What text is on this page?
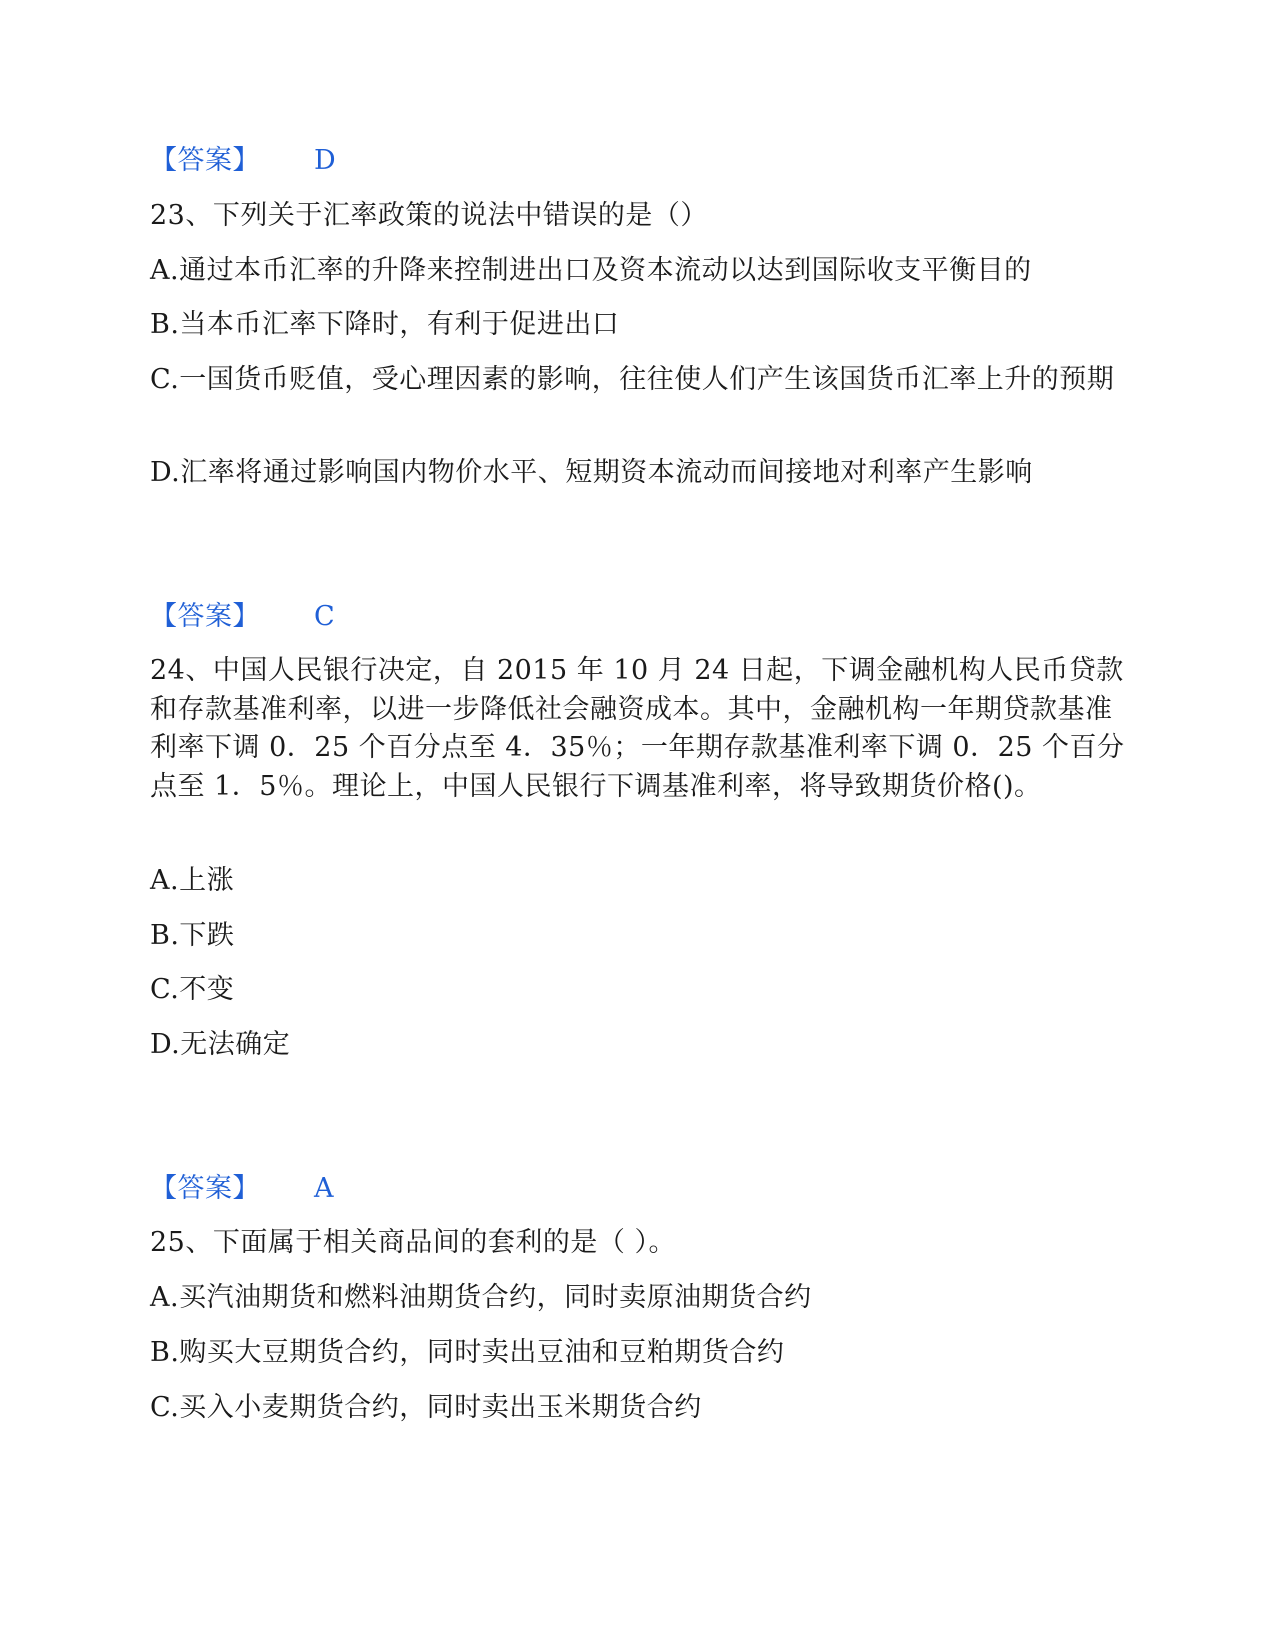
【答案】 D
23、下列关于汇率政策的说法中错误的是（）
A.通过本币汇率的升降来控制进出口及资本流动以达到国际收支平衡目的
B.当本币汇率下降时，有利于促进出口
C.一国货币贬值，受心理因素的影响，往往使人们产生该国货币汇率上升的预期
D.汇率将通过影响国内物价水平、短期资本流动而间接地对利率产生影响
【答案】 C
24、中国人民银行决定，自 2015 年 10 月 24 日起，下调金融机构人民币贷款和存款基准利率，以进一步降低社会融资成本。其中，金融机构一年期贷款基准利率下调 0．25 个百分点至 4．35％；一年期存款基准利率下调 0．25 个百分点至 1．5％。理论上，中国人民银行下调基准利率，将导致期货价格()。
A.上涨
B.下跌
C.不变
D.无法确定
【答案】 A
25、下面属于相关商品间的套利的是（ ）。
A.买汽油期货和燃料油期货合约，同时卖原油期货合约
B.购买大豆期货合约，同时卖出豆油和豆粕期货合约
C.买入小麦期货合约，同时卖出玉米期货合约
